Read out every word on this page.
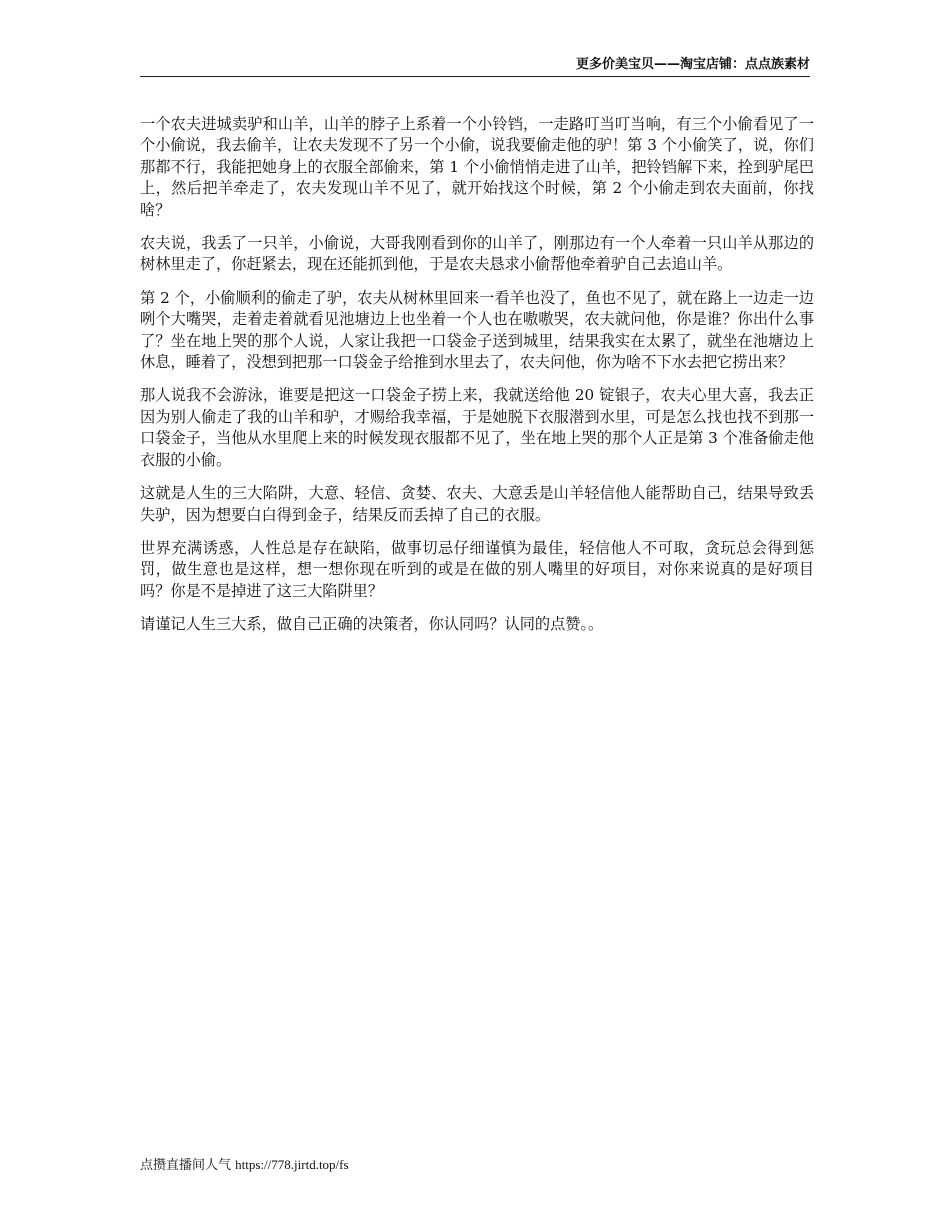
更多价美宝贝——淘宝店铺：点点族素材

一个农夫进城卖驴和山羊，山羊的脖子上系着一个小铃铛，一走路叮当叮当响，有三个小偷看见了一个小偷说，我去偷羊，让农夫发现不了另一个小偷，说我要偷走他的驴！第 3 个小偷笑了，说，你们那都不行，我能把她身上的衣服全部偷来，第 1 个小偷悄悄走进了山羊，把铃铛解下来，拴到驴尾巴上，然后把羊牵走了，农夫发现山羊不见了，就开始找这个时候，第 2 个小偷走到农夫面前，你找啥？

农夫说，我丢了一只羊，小偷说，大哥我刚看到你的山羊了，刚那边有一个人牵着一只山羊从那边的树林里走了，你赶紧去，现在还能抓到他，于是农夫恳求小偷帮他牵着驴自己去追山羊。

第 2 个，小偷顺利的偷走了驴，农夫从树林里回来一看羊也没了，鱼也不见了，就在路上一边走一边咧个大嘴哭，走着走着就看见池塘边上也坐着一个人也在嗷嗷哭，农夫就问他，你是谁？你出什么事了？坐在地上哭的那个人说，人家让我把一口袋金子送到城里，结果我实在太累了，就坐在池塘边上休息，睡着了，没想到把那一口袋金子给推到水里去了，农夫问他，你为啥不下水去把它捞出来？

那人说我不会游泳，谁要是把这一口袋金子捞上来，我就送给他 20 锭银子，农夫心里大喜，我去正因为别人偷走了我的山羊和驴，才赐给我幸福，于是她脱下衣服潜到水里，可是怎么找也找不到那一口袋金子，当他从水里爬上来的时候发现衣服都不见了，坐在地上哭的那个人正是第 3 个准备偷走他衣服的小偷。

这就是人生的三大陷阱，大意、轻信、贪婪、农夫、大意丢是山羊轻信他人能帮助自己，结果导致丢失驴，因为想要白白得到金子，结果反而丢掉了自己的衣服。

世界充满诱惑，人性总是存在缺陷，做事切忌仔细谨慎为最佳，轻信他人不可取，贪玩总会得到惩罚，做生意也是这样，想一想你现在听到的或是在做的别人嘴里的好项目，对你来说真的是好项目吗？你是不是掉进了这三大陷阱里？

请谨记人生三大系，做自己正确的决策者，你认同吗？认同的点赞。。

点攒直播间人气 https://778.jirtd.top/fs
